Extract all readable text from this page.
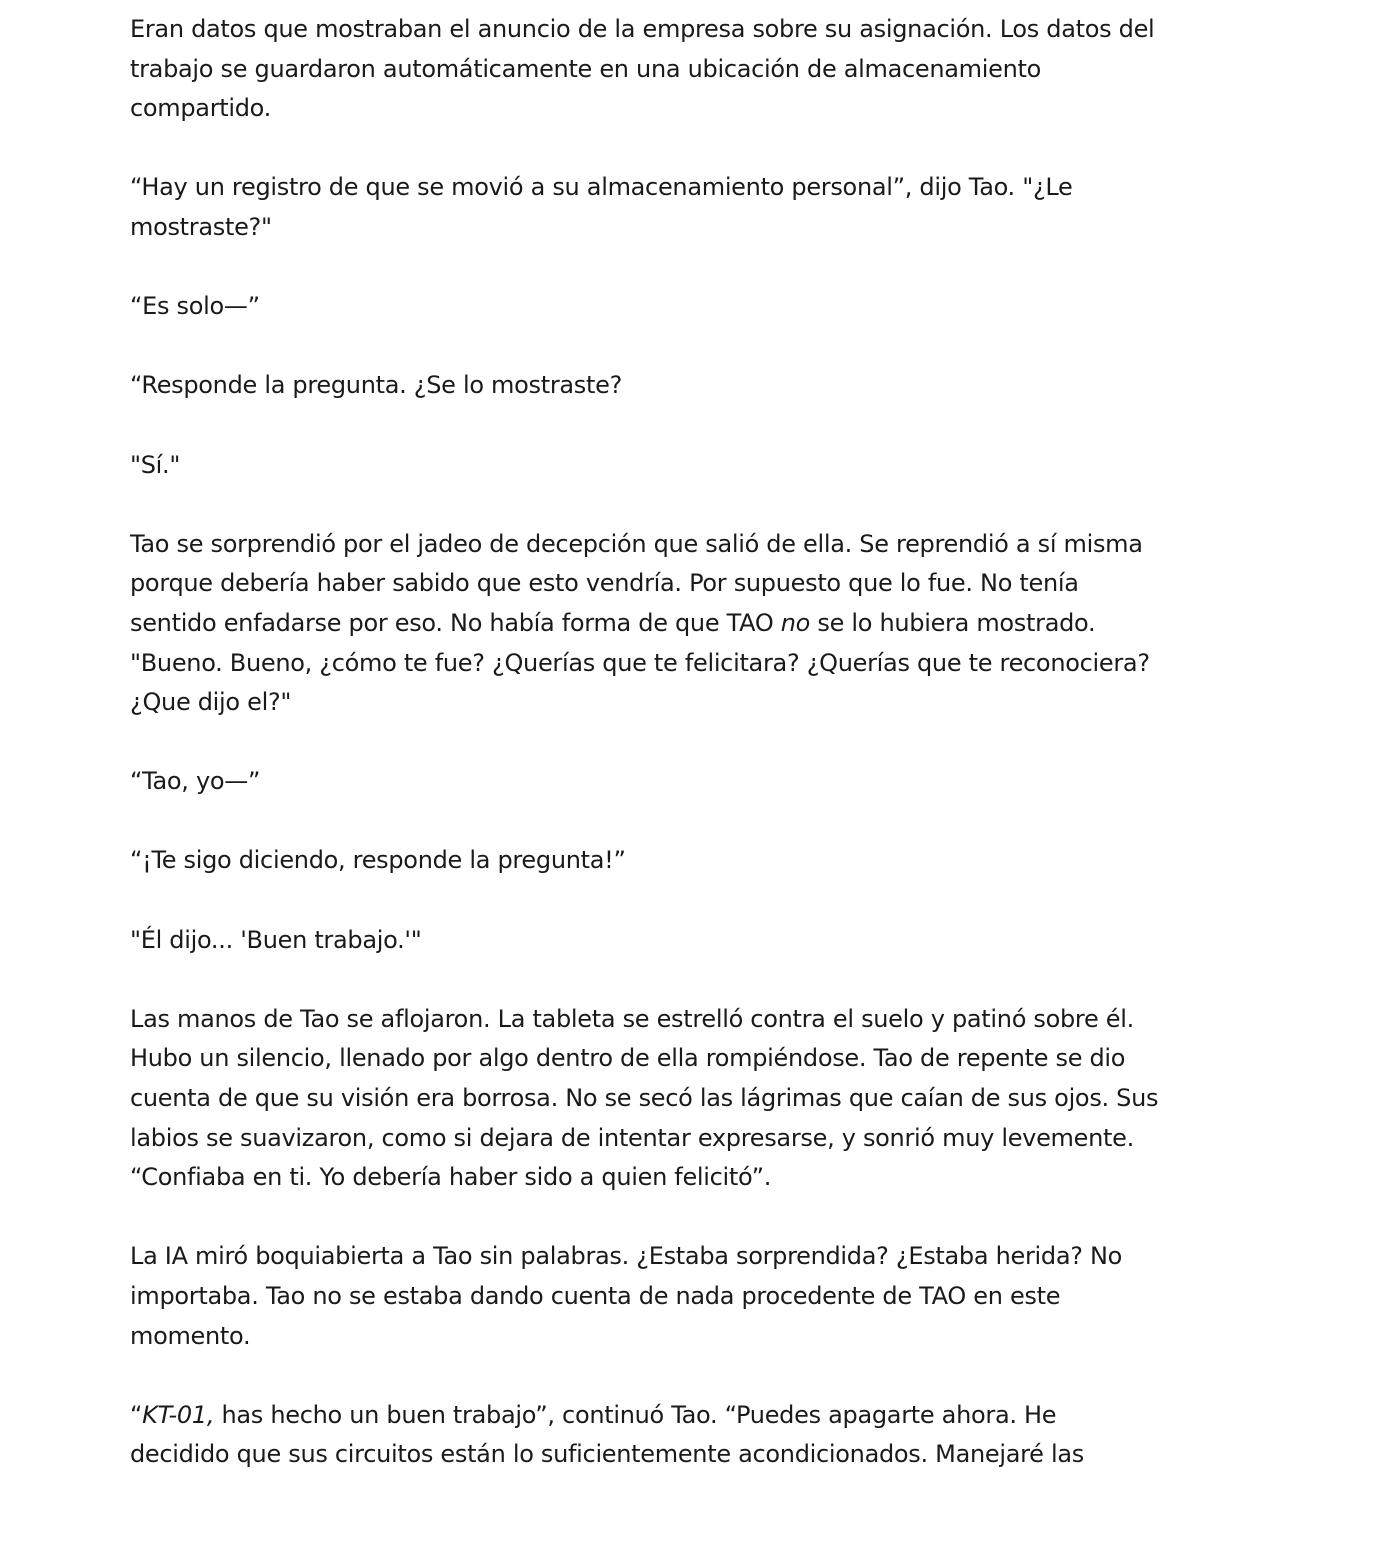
Eran datos que mostraban el anuncio de la empresa sobre su asignación. Los datos del
trabajo se guardaron automáticamente en una ubicación de almacenamiento
compartido.

“Hay un registro de que se movió a su almacenamiento personal”, dijo Tao. "¿Le
mostraste?"

“Es solo—”

“Responde la pregunta. ¿Se lo mostraste?

"Sí."

Tao se sorprendió por el jadeo de decepción que salió de ella. Se reprendió a sí misma
porque debería haber sabido que esto vendría. Por supuesto que lo fue. No tenía
sentido enfadarse por eso. No había forma de que TAO no se lo hubiera mostrado.
"Bueno. Bueno, ¿cómo te fue? ¿Querías que te felicitara? ¿Querías que te reconociera?
¿Que dijo el?"

“Tao, yo—”

“¡Te sigo diciendo, responde la pregunta!”

"Él dijo... 'Buen trabajo.'"

Las manos de Tao se aflojaron. La tableta se estrelló contra el suelo y patinó sobre él.
Hubo un silencio, llenado por algo dentro de ella rompiéndose. Tao de repente se dio
cuenta de que su visión era borrosa. No se secó las lágrimas que caían de sus ojos. Sus
labios se suavizaron, como si dejara de intentar expresarse, y sonrió muy levemente.
“Confiaba en ti. Yo debería haber sido a quien felicitó”.

La IA miró boquiabierta a Tao sin palabras. ¿Estaba sorprendida? ¿Estaba herida? No
importaba. Tao no se estaba dando cuenta de nada procedente de TAO en este
momento.

“KT-01, has hecho un buen trabajo”, continuó Tao. “Puedes apagarte ahora. He
decidido que sus circuitos están lo suficientemente acondicionados. Manejaré las
